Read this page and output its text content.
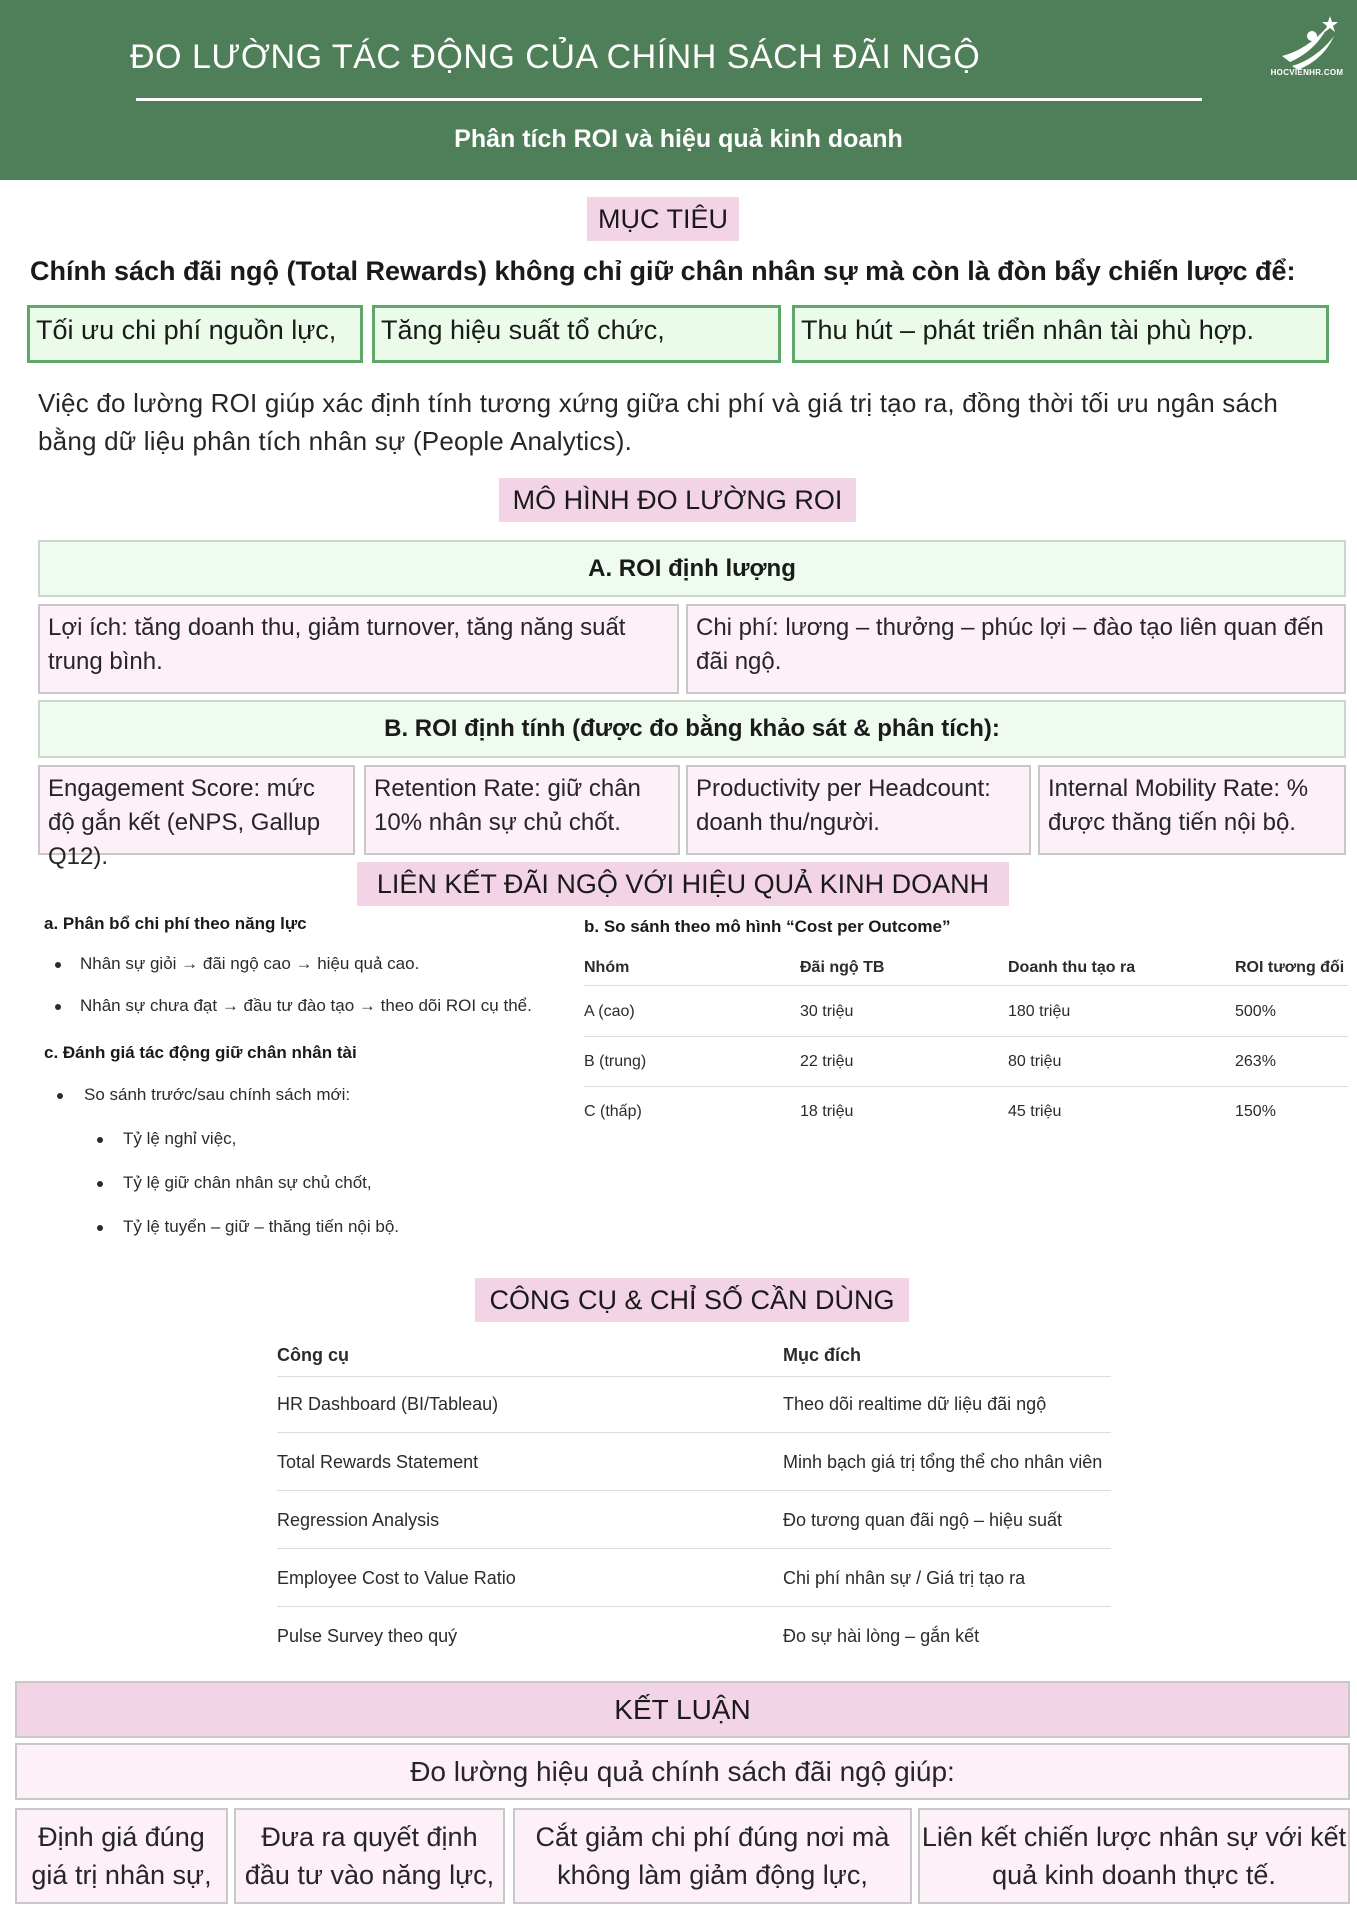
ĐO LƯỜNG TÁC ĐỘNG CỦA CHÍNH SÁCH ĐÃI NGỘ
Phân tích ROI và hiệu quả kinh doanh
HOCVIENHR.COM
MỤC TIÊU
Chính sách đãi ngộ (Total Rewards) không chỉ giữ chân nhân sự mà còn là đòn bẩy chiến lược để:
Tối ưu chi phí nguồn lực,	Tăng hiệu suất tổ chức,	Thu hút – phát triển nhân tài phù hợp.
Việc đo lường ROI giúp xác định tính tương xứng giữa chi phí và giá trị tạo ra, đồng thời tối ưu ngân sách bằng dữ liệu phân tích nhân sự (People Analytics).
MÔ HÌNH ĐO LƯỜNG ROI
A. ROI định lượng
Lợi ích: tăng doanh thu, giảm turnover, tăng năng suất trung bình.
Chi phí: lương – thưởng – phúc lợi – đào tạo liên quan đến đãi ngộ.
B. ROI định tính (được đo bằng khảo sát & phân tích):
Engagement Score: mức độ gắn kết (eNPS, Gallup Q12).
Retention Rate: giữ chân 10% nhân sự chủ chốt.
Productivity per Headcount: doanh thu/người.
Internal Mobility Rate: % được thăng tiến nội bộ.
LIÊN KẾT ĐÃI NGỘ VỚI HIỆU QUẢ KINH DOANH
a. Phân bổ chi phí theo năng lực
Nhân sự giỏi → đãi ngộ cao → hiệu quả cao.
Nhân sự chưa đạt → đầu tư đào tạo → theo dõi ROI cụ thể.
c. Đánh giá tác động giữ chân nhân tài
So sánh trước/sau chính sách mới:
Tỷ lệ nghỉ việc,
Tỷ lệ giữ chân nhân sự chủ chốt,
Tỷ lệ tuyển – giữ – thăng tiến nội bộ.
b. So sánh theo mô hình “Cost per Outcome”
Nhóm	Đãi ngộ TB	Doanh thu tạo ra	ROI tương đối
A (cao)	30 triệu	180 triệu	500%
B (trung)	22 triệu	80 triệu	263%
C (thấp)	18 triệu	45 triệu	150%
CÔNG CỤ & CHỈ SỐ CẦN DÙNG
Công cụ	Mục đích
HR Dashboard (BI/Tableau)	Theo dõi realtime dữ liệu đãi ngộ
Total Rewards Statement	Minh bạch giá trị tổng thể cho nhân viên
Regression Analysis	Đo tương quan đãi ngộ – hiệu suất
Employee Cost to Value Ratio	Chi phí nhân sự / Giá trị tạo ra
Pulse Survey theo quý	Đo sự hài lòng – gắn kết
KẾT LUẬN
Đo lường hiệu quả chính sách đãi ngộ giúp:
Định giá đúng giá trị nhân sự,
Đưa ra quyết định đầu tư vào năng lực,
Cắt giảm chi phí đúng nơi mà không làm giảm động lực,
Liên kết chiến lược nhân sự với kết quả kinh doanh thực tế.
